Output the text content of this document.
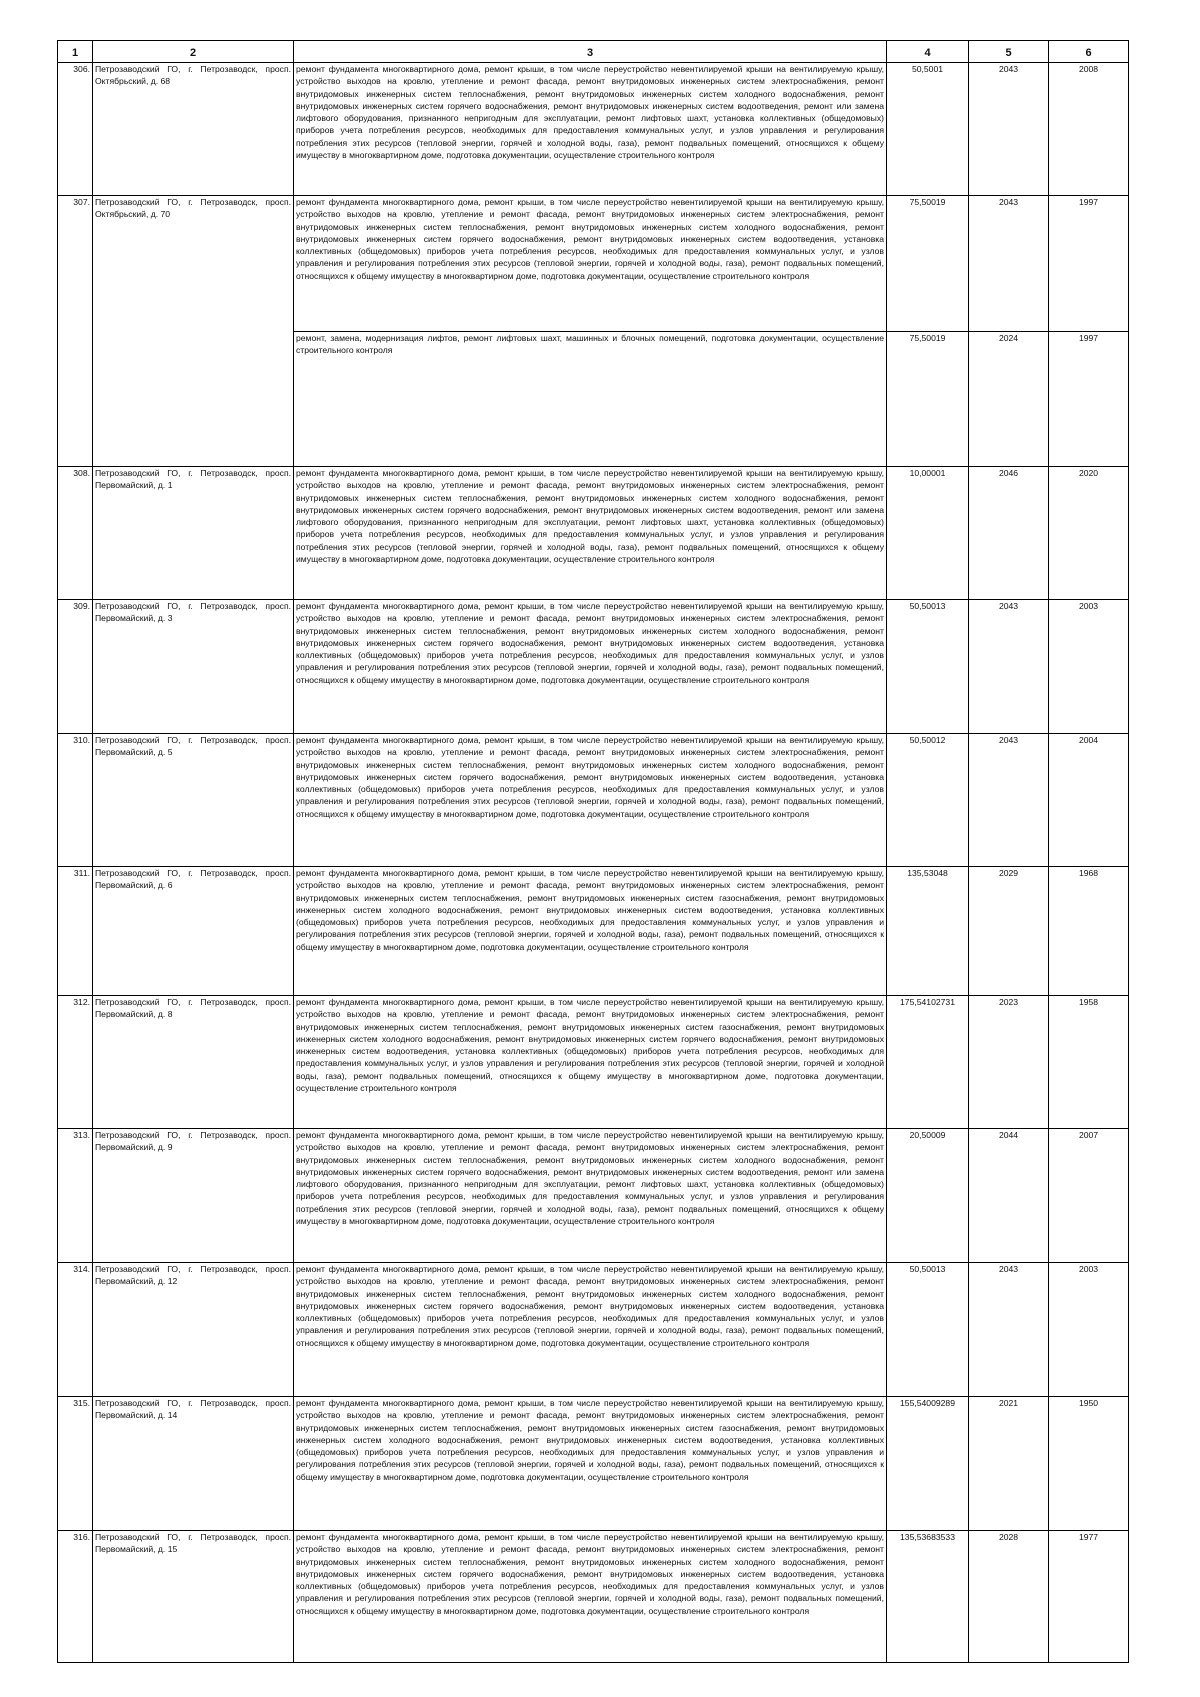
1	2	3	4	5	6
306.	Петрозаводский ГО, г. Петрозаводск, просп. Октябрьский, д. 68	ремонт фундамента многоквартирного дома, ремонт крыши, в том числе переустройство невентилируемой крыши на вентилируемую крышу, устройство выходов на кровлю, утепление и ремонт фасада, ремонт внутридомовых инженерных систем электроснабжения, ремонт внутридомовых инженерных систем теплоснабжения, ремонт внутридомовых инженерных систем холодного водоснабжения, ремонт внутридомовых инженерных систем горячего водоснабжения, ремонт внутридомовых инженерных систем водоотведения, ремонт или замена лифтового оборудования, признанного непригодным для эксплуатации, ремонт лифтовых шахт, установка коллективных (общедомовых) приборов учета потребления ресурсов, необходимых для предоставления коммунальных услуг, и узлов управления и регулирования потребления этих ресурсов (тепловой энергии, горячей и холодной воды, газа), ремонт подвальных помещений, относящихся к общему имуществу в многоквартирном доме, подготовка документации, осуществление строительного контроля	50,5001	2043	2008
307.	Петрозаводский ГО, г. Петрозаводск, просп. Октябрьский, д. 70	ремонт фундамента многоквартирного дома, ремонт крыши, в том числе переустройство невентилируемой крыши на вентилируемую крышу, устройство выходов на кровлю, утепление и ремонт фасада, ремонт внутридомовых инженерных систем электроснабжения, ремонт внутридомовых инженерных систем теплоснабжения, ремонт внутридомовых инженерных систем холодного водоснабжения, ремонт внутридомовых инженерных систем горячего водоснабжения, ремонт внутридомовых инженерных систем водоотведения, установка коллективных (общедомовых) приборов учета потребления ресурсов, необходимых для предоставления коммунальных услуг, и узлов управления и регулирования потребления этих ресурсов (тепловой энергии, горячей и холодной воды, газа), ремонт подвальных помещений, относящихся к общему имуществу в многоквартирном доме, подготовка документации, осуществление строительного контроля	75,50019	2043	1997
		ремонт, замена, модернизация лифтов, ремонт лифтовых шахт, машинных и блочных помещений, подготовка документации, осуществление строительного контроля	75,50019	2024	1997
308.	Петрозаводский ГО, г. Петрозаводск, просп. Первомайский, д. 1	ремонт фундамента многоквартирного дома, ремонт крыши, в том числе переустройство невентилируемой крыши на вентилируемую крышу, устройство выходов на кровлю, утепление и ремонт фасада, ремонт внутридомовых инженерных систем электроснабжения, ремонт внутридомовых инженерных систем теплоснабжения, ремонт внутридомовых инженерных систем холодного водоснабжения, ремонт внутридомовых инженерных систем горячего водоснабжения, ремонт внутридомовых инженерных систем водоотведения, ремонт или замена лифтового оборудования, признанного непригодным для эксплуатации, ремонт лифтовых шахт, установка коллективных (общедомовых) приборов учета потребления ресурсов, необходимых для предоставления коммунальных услуг, и узлов управления и регулирования потребления этих ресурсов (тепловой энергии, горячей и холодной воды, газа), ремонт подвальных помещений, относящихся к общему имуществу в многоквартирном доме, подготовка документации, осуществление строительного контроля	10,00001	2046	2020
309.	Петрозаводский ГО, г. Петрозаводск, просп. Первомайский, д. 3	ремонт фундамента многоквартирного дома, ремонт крыши, в том числе переустройство невентилируемой крыши на вентилируемую крышу, устройство выходов на кровлю, утепление и ремонт фасада, ремонт внутридомовых инженерных систем электроснабжения, ремонт внутридомовых инженерных систем теплоснабжения, ремонт внутридомовых инженерных систем холодного водоснабжения, ремонт внутридомовых инженерных систем горячего водоснабжения, ремонт внутридомовых инженерных систем водоотведения, установка коллективных (общедомовых) приборов учета потребления ресурсов, необходимых для предоставления коммунальных услуг, и узлов управления и регулирования потребления этих ресурсов (тепловой энергии, горячей и холодной воды, газа), ремонт подвальных помещений, относящихся к общему имуществу в многоквартирном доме, подготовка документации, осуществление строительного контроля	50,50013	2043	2003
310.	Петрозаводский ГО, г. Петрозаводск, просп. Первомайский, д. 5	ремонт фундамента многоквартирного дома, ремонт крыши, в том числе переустройство невентилируемой крыши на вентилируемую крышу, устройство выходов на кровлю, утепление и ремонт фасада, ремонт внутридомовых инженерных систем электроснабжения, ремонт внутридомовых инженерных систем теплоснабжения, ремонт внутридомовых инженерных систем холодного водоснабжения, ремонт внутридомовых инженерных систем горячего водоснабжения, ремонт внутридомовых инженерных систем водоотведения, установка коллективных (общедомовых) приборов учета потребления ресурсов, необходимых для предоставления коммунальных услуг, и узлов управления и регулирования потребления этих ресурсов (тепловой энергии, горячей и холодной воды, газа), ремонт подвальных помещений, относящихся к общему имуществу в многоквартирном доме, подготовка документации, осуществление строительного контроля	50,50012	2043	2004
311.	Петрозаводский ГО, г. Петрозаводск, просп. Первомайский, д. 6	ремонт фундамента многоквартирного дома, ремонт крыши, в том числе переустройство невентилируемой крыши на вентилируемую крышу, устройство выходов на кровлю, утепление и ремонт фасада, ремонт внутридомовых инженерных систем электроснабжения, ремонт внутридомовых инженерных систем теплоснабжения, ремонт внутридомовых инженерных систем газоснабжения, ремонт внутридомовых инженерных систем холодного водоснабжения, ремонт внутридомовых инженерных систем водоотведения, установка коллективных (общедомовых) приборов учета потребления ресурсов, необходимых для предоставления коммунальных услуг, и узлов управления и регулирования потребления этих ресурсов (тепловой энергии, горячей и холодной воды, газа), ремонт подвальных помещений, относящихся к общему имуществу в многоквартирном доме, подготовка документации, осуществление строительного контроля	135,53048	2029	1968
312.	Петрозаводский ГО, г. Петрозаводск, просп. Первомайский, д. 8	ремонт фундамента многоквартирного дома, ремонт крыши, в том числе переустройство невентилируемой крыши на вентилируемую крышу, устройство выходов на кровлю, утепление и ремонт фасада, ремонт внутридомовых инженерных систем электроснабжения, ремонт внутридомовых инженерных систем теплоснабжения, ремонт внутридомовых инженерных систем газоснабжения, ремонт внутридомовых инженерных систем холодного водоснабжения, ремонт внутридомовых инженерных систем горячего водоснабжения, ремонт внутридомовых инженерных систем водоотведения, установка коллективных (общедомовых) приборов учета потребления ресурсов, необходимых для предоставления коммунальных услуг, и узлов управления и регулирования потребления этих ресурсов (тепловой энергии, горячей и холодной воды, газа), ремонт подвальных помещений, относящихся к общему имуществу в многоквартирном доме, подготовка документации, осуществление строительного контроля	175,54102731	2023	1958
313.	Петрозаводский ГО, г. Петрозаводск, просп. Первомайский, д. 9	ремонт фундамента многоквартирного дома, ремонт крыши, в том числе переустройство невентилируемой крыши на вентилируемую крышу, устройство выходов на кровлю, утепление и ремонт фасада, ремонт внутридомовых инженерных систем электроснабжения, ремонт внутридомовых инженерных систем теплоснабжения, ремонт внутридомовых инженерных систем холодного водоснабжения, ремонт внутридомовых инженерных систем горячего водоснабжения, ремонт внутридомовых инженерных систем водоотведения, ремонт или замена лифтового оборудования, признанного непригодным для эксплуатации, ремонт лифтовых шахт, установка коллективных (общедомовых) приборов учета потребления ресурсов, необходимых для предоставления коммунальных услуг, и узлов управления и регулирования потребления этих ресурсов (тепловой энергии, горячей и холодной воды, газа), ремонт подвальных помещений, относящихся к общему имуществу в многоквартирном доме, подготовка документации, осуществление строительного контроля	20,50009	2044	2007
314.	Петрозаводский ГО, г. Петрозаводск, просп. Первомайский, д. 12	ремонт фундамента многоквартирного дома, ремонт крыши, в том числе переустройство невентилируемой крыши на вентилируемую крышу, устройство выходов на кровлю, утепление и ремонт фасада, ремонт внутридомовых инженерных систем электроснабжения, ремонт внутридомовых инженерных систем теплоснабжения, ремонт внутридомовых инженерных систем холодного водоснабжения, ремонт внутридомовых инженерных систем горячего водоснабжения, ремонт внутридомовых инженерных систем водоотведения, установка коллективных (общедомовых) приборов учета потребления ресурсов, необходимых для предоставления коммунальных услуг, и узлов управления и регулирования потребления этих ресурсов (тепловой энергии, горячей и холодной воды, газа), ремонт подвальных помещений, относящихся к общему имуществу в многоквартирном доме, подготовка документации, осуществление строительного контроля	50,50013	2043	2003
315.	Петрозаводский ГО, г. Петрозаводск, просп. Первомайский, д. 14	ремонт фундамента многоквартирного дома, ремонт крыши, в том числе переустройство невентилируемой крыши на вентилируемую крышу, устройство выходов на кровлю, утепление и ремонт фасада, ремонт внутридомовых инженерных систем электроснабжения, ремонт внутридомовых инженерных систем теплоснабжения, ремонт внутридомовых инженерных систем газоснабжения, ремонт внутридомовых инженерных систем холодного водоснабжения, ремонт внутридомовых инженерных систем водоотведения, установка коллективных (общедомовых) приборов учета потребления ресурсов, необходимых для предоставления коммунальных услуг, и узлов управления и регулирования потребления этих ресурсов (тепловой энергии, горячей и холодной воды, газа), ремонт подвальных помещений, относящихся к общему имуществу в многоквартирном доме, подготовка документации, осуществление строительного контроля	155,54009289	2021	1950
316.	Петрозаводский ГО, г. Петрозаводск, просп. Первомайский, д. 15	ремонт фундамента многоквартирного дома, ремонт крыши, в том числе переустройство невентилируемой крыши на вентилируемую крышу, устройство выходов на кровлю, утепление и ремонт фасада, ремонт внутридомовых инженерных систем электроснабжения, ремонт внутридомовых инженерных систем теплоснабжения, ремонт внутридомовых инженерных систем холодного водоснабжения, ремонт внутридомовых инженерных систем горячего водоснабжения, ремонт внутридомовых инженерных систем водоотведения, установка коллективных (общедомовых) приборов учета потребления ресурсов, необходимых для предоставления коммунальных услуг, и узлов управления и регулирования потребления этих ресурсов (тепловой энергии, горячей и холодной воды, газа), ремонт подвальных помещений, относящихся к общему имуществу в многоквартирном доме, подготовка документации, осуществление строительного контроля	135,53683533	2028	1977
